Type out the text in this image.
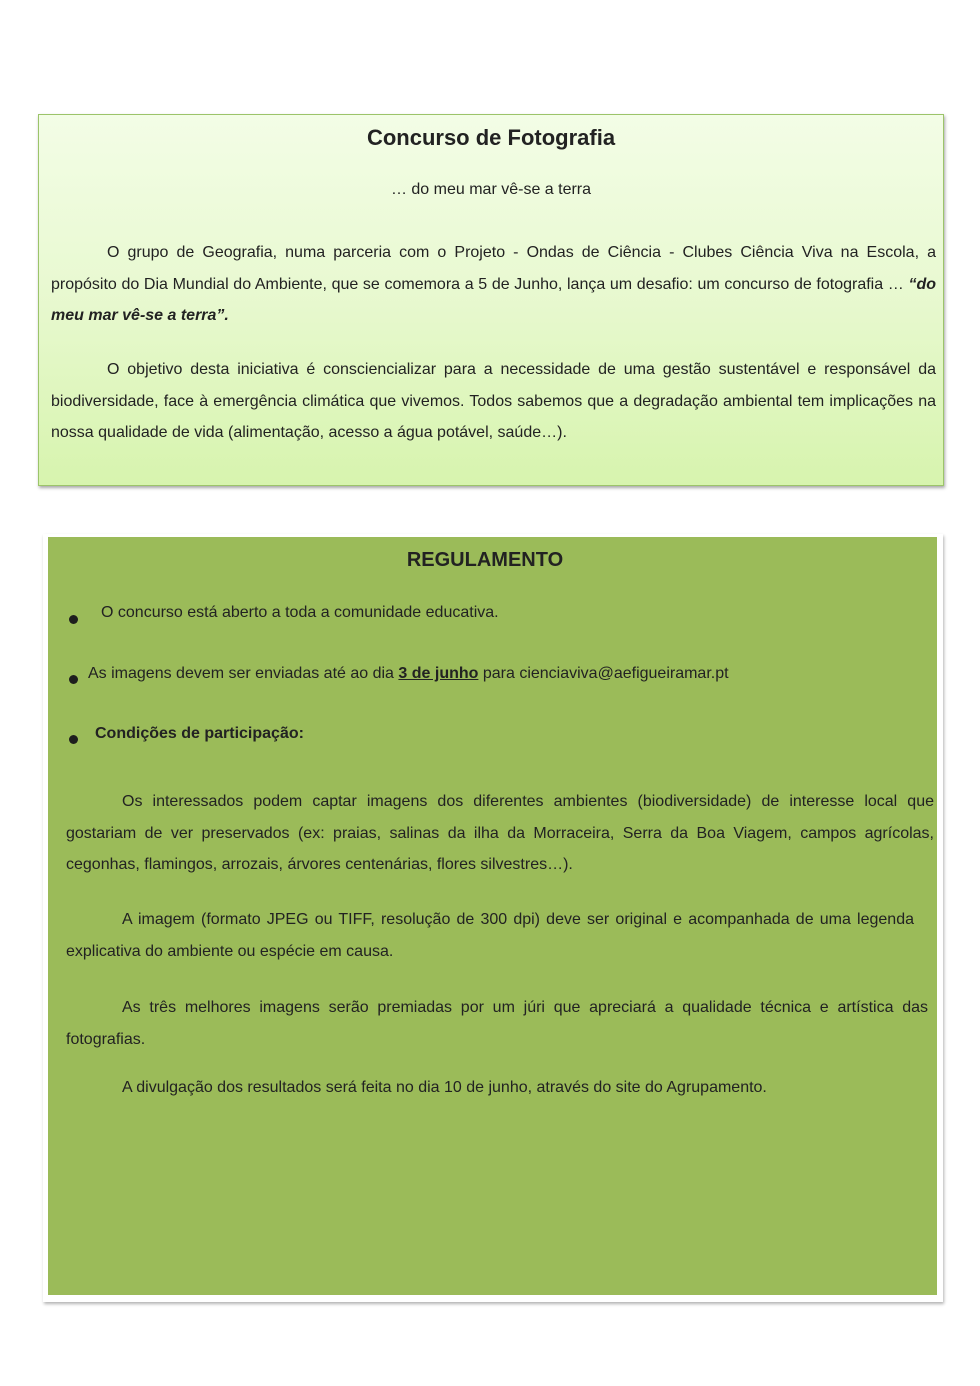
Concurso de Fotografia
… do meu mar vê-se a terra

O grupo de Geografia, numa parceria com o Projeto - Ondas de Ciência - Clubes Ciência Viva na Escola, a propósito do Dia Mundial do Ambiente, que se comemora a 5 de Junho, lança um desafio: um concurso de fotografia … “do meu mar vê-se a terra”.

O objetivo desta iniciativa é consciencializar para a necessidade de uma gestão sustentável e responsável da biodiversidade, face à emergência climática que vivemos. Todos sabemos que a degradação ambiental tem implicações na nossa qualidade de vida (alimentação, acesso a água potável, saúde…).

REGULAMENTO
O concurso está aberto a toda a comunidade educativa.
As imagens devem ser enviadas até ao dia 3 de junho para cienciaviva@aefigueiramar.pt
Condições de participação:

Os interessados podem captar imagens dos diferentes ambientes (biodiversidade) de interesse local que gostariam de ver preservados (ex: praias, salinas da ilha da Morraceira, Serra da Boa Viagem, campos agrícolas, cegonhas, flamingos, arrozais, árvores centenárias, flores silvestres…).

A imagem (formato JPEG ou TIFF, resolução de 300 dpi) deve ser original e acompanhada de uma legenda explicativa do ambiente ou espécie em causa.

As três melhores imagens serão premiadas por um júri que apreciará a qualidade técnica e artística das fotografias.

A divulgação dos resultados será feita no dia 10 de junho, através do site do Agrupamento.
